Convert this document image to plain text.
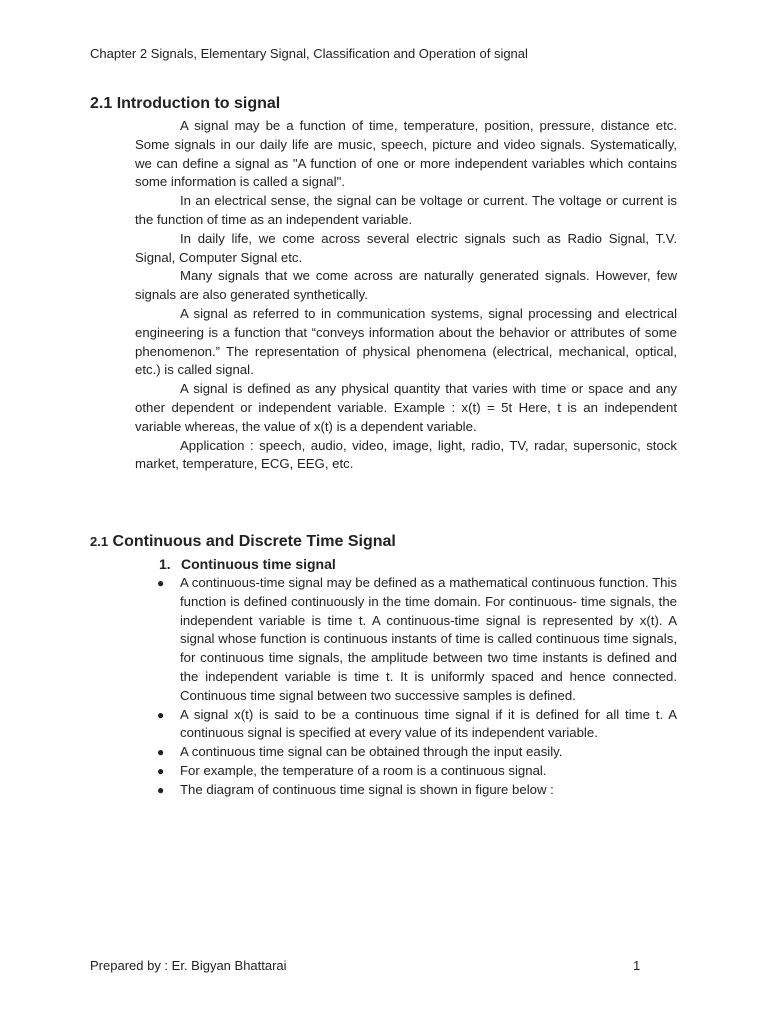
Chapter 2 Signals, Elementary Signal, Classification and Operation of signal
2.1 Introduction to signal

A signal may be a function of time, temperature, position, pressure, distance etc. Some signals in our daily life are music, speech, picture and video signals. Systematically, we can define a signal as "A function of one or more independent variables which contains some information is called a signal".

In an electrical sense, the signal can be voltage or current. The voltage or current is the function of time as an independent variable.

In daily life, we come across several electric signals such as Radio Signal, T.V. Signal, Computer Signal etc.

Many signals that we come across are naturally generated signals. However, few signals are also generated synthetically.

A signal as referred to in communication systems, signal processing and electrical engineering is a function that “conveys information about the behavior or attributes of some phenomenon.” The representation of physical phenomena (electrical, mechanical, optical, etc.) is called signal.

A signal is defined as any physical quantity that varies with time or space and any other dependent or independent variable. Example : x(t) = 5t Here, t is an independent variable whereas, the value of x(t) is a dependent variable.

Application : speech, audio, video, image, light, radio, TV, radar, supersonic, stock market, temperature, ECG, EEG, etc.

2.1 Continuous and Discrete Time Signal
1. Continuous time signal
● A continuous-time signal may be defined as a mathematical continuous function. This function is defined continuously in the time domain. For continuous- time signals, the independent variable is time t. A continuous-time signal is represented by x(t). A signal whose function is continuous instants of time is called continuous time signals, for continuous time signals, the amplitude between two time instants is defined and the independent variable is time t. It is uniformly spaced and hence connected. Continuous time signal between two successive samples is defined.
● A signal x(t) is said to be a continuous time signal if it is defined for all time t. A continuous signal is specified at every value of its independent variable.
● A continuous time signal can be obtained through the input easily.
● For example, the temperature of a room is a continuous signal.
● The diagram of continuous time signal is shown in figure below :
Prepared by : Er. Bigyan Bhattarai	1
